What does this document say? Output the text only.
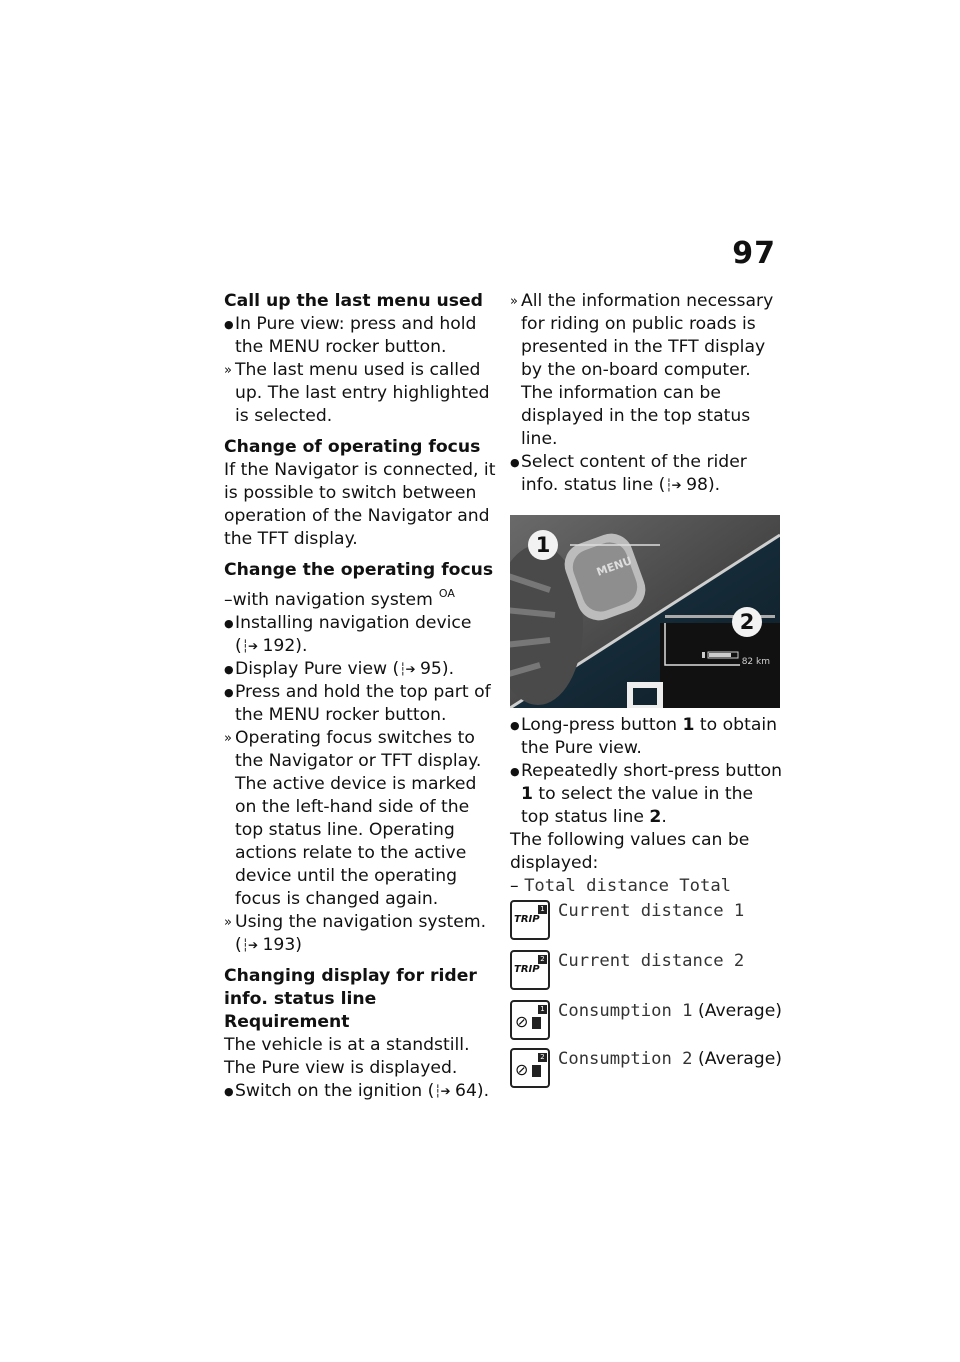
97

Call up the last menu used

● In Pure view: press and hold the MENU rocker button.

» The last menu used is called up. The last entry highlighted is selected.

Change of operating focus

If the Navigator is connected, it is possible to switch between operation of the Navigator and the TFT display.

Change the operating focus

–with navigation system $^{OA}$

● Installing navigation device
(┆➔ 192).

● Display Pure view (┆➔ 95).

● Press and hold the top part of the MENU rocker button.

» Operating focus switches to the Navigator or TFT display. The active device is marked on the left-hand side of the top status line. Operating actions relate to the active device until the operating focus is changed again.

» Using the navigation system.
(┆➔ 193)

Changing display for rider info. status line

Requirement

The vehicle is at a standstill. The Pure view is displayed.

● Switch on the ignition (┆➔ 64).

» All the information necessary for riding on public roads is presented in the TFT display by the on-board computer. The information can be displayed in the top status line.

● Select content of the rider info. status line (┆➔ 98).

1
2
MENU
82 km

● Long-press button 1 to obtain the Pure view.

● Repeatedly short-press button 1 to select the value in the top status line 2.

The following values can be displayed:

– Total distance Total

TRIP
1 Current distance 1
TRIP
2 Current distance 2
⊘
1 Consumption 1 (Average)
⊘
2 Consumption 2 (Average)
